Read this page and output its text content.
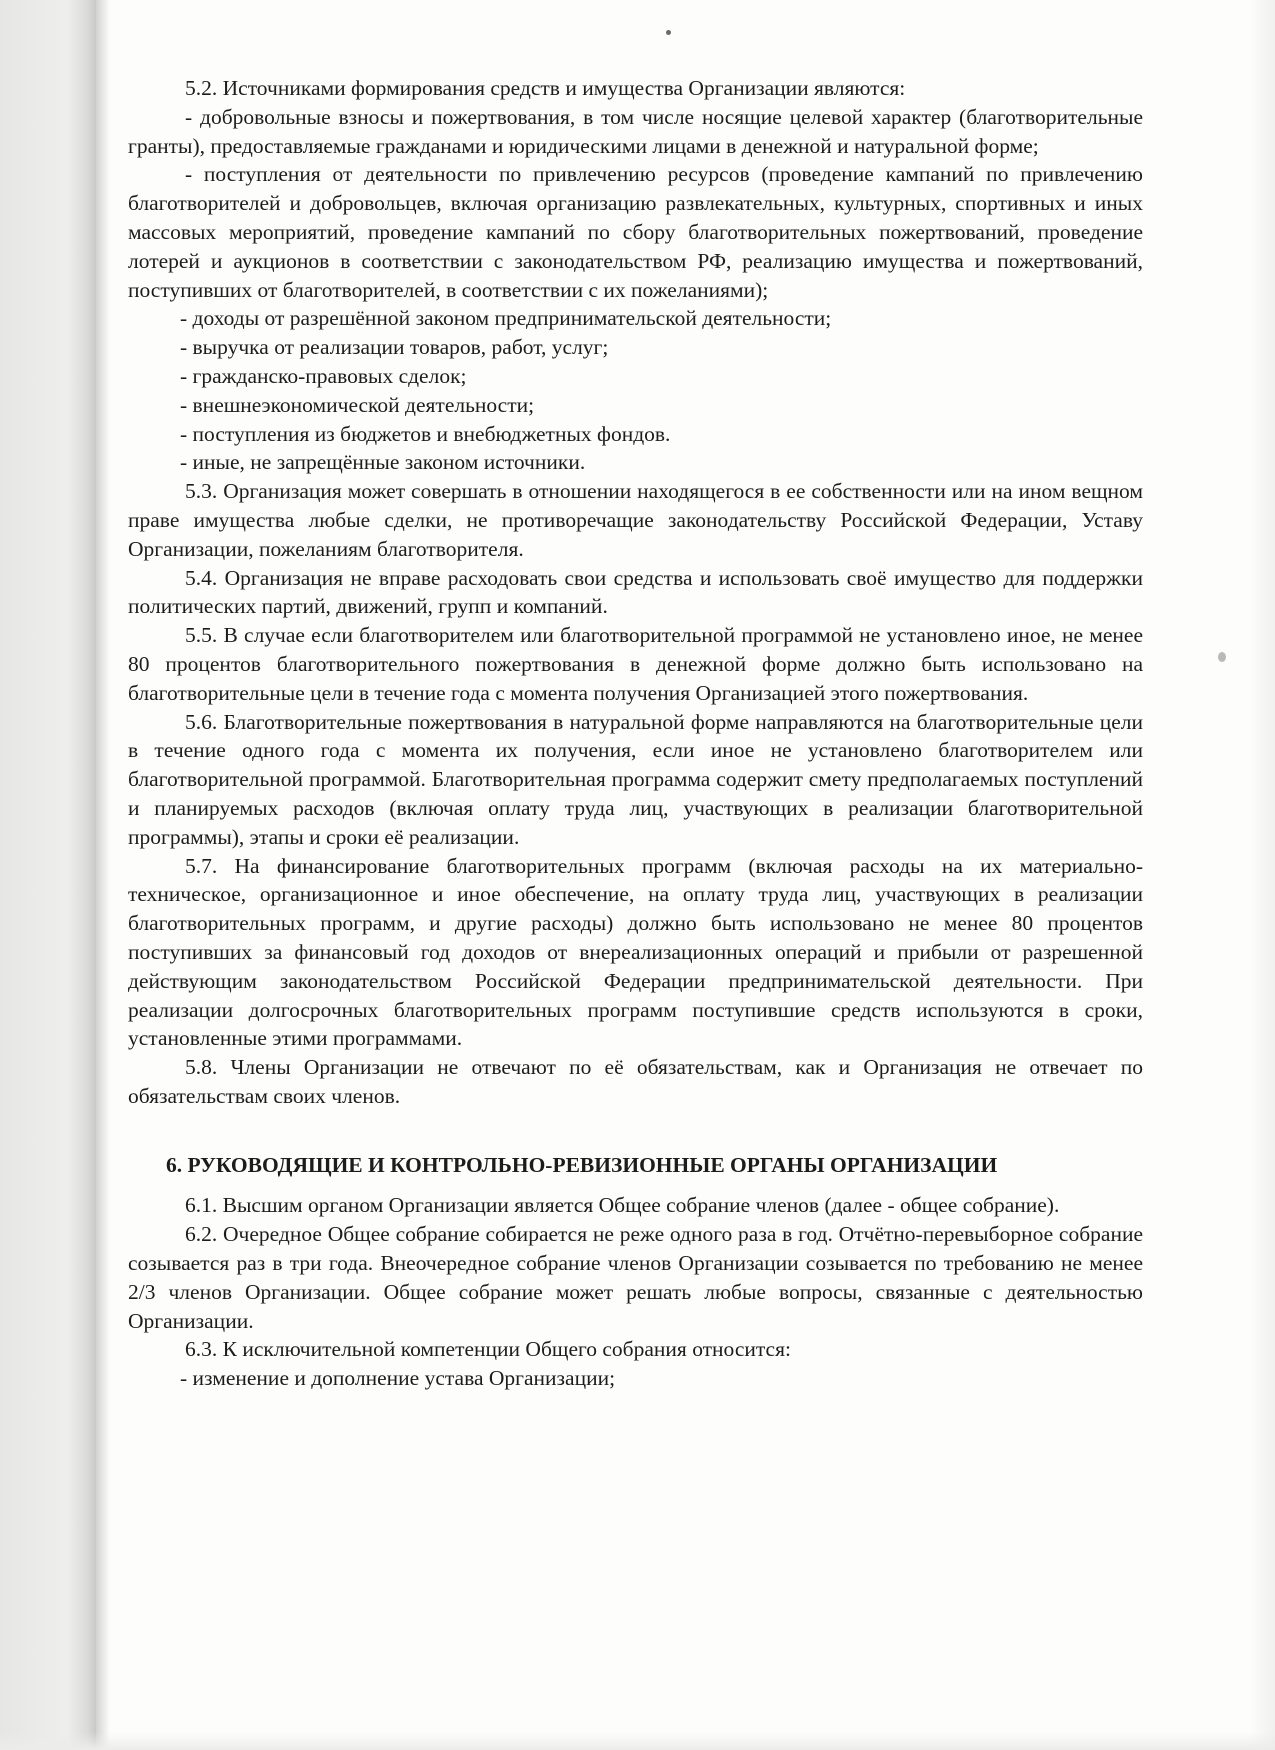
5.2. Источниками формирования средств и имущества Организации являются:

- добровольные взносы и пожертвования, в том числе носящие целевой характер (благотворительные гранты), предоставляемые гражданами и юридическими лицами в денежной и натуральной форме;

- поступления от деятельности по привлечению ресурсов (проведение кампаний по привлечению благотворителей и добровольцев, включая организацию развлекательных, культурных, спортивных и иных массовых мероприятий, проведение кампаний по сбору благотворительных пожертвований, проведение лотерей и аукционов в соответствии с законодательством РФ, реализацию имущества и пожертвований, поступивших от благотворителей, в соответствии с их пожеланиями);

- доходы от разрешённой законом предпринимательской деятельности;

- выручка от реализации товаров, работ, услуг;

- гражданско-правовых сделок;

- внешнеэкономической деятельности;

- поступления из бюджетов и внебюджетных фондов.

- иные, не запрещённые законом источники.

5.3. Организация может совершать в отношении находящегося в ее собственности или на ином вещном праве имущества любые сделки, не противоречащие законодательству Российской Федерации, Уставу Организации, пожеланиям благотворителя.

5.4. Организация не вправе расходовать свои средства и использовать своё имущество для поддержки политических партий, движений, групп и компаний.

5.5. В случае если благотворителем или благотворительной программой не установлено иное, не менее 80 процентов благотворительного пожертвования в денежной форме должно быть использовано на благотворительные цели в течение года с момента получения Организацией этого пожертвования.

5.6. Благотворительные пожертвования в натуральной форме направляются на благотворительные цели в течение одного года с момента их получения, если иное не установлено благотворителем или благотворительной программой. Благотворительная программа содержит смету предполагаемых поступлений и планируемых расходов (включая оплату труда лиц, участвующих в реализации благотворительной программы), этапы и сроки её реализации.

5.7. На финансирование благотворительных программ (включая расходы на их материально-техническое, организационное и иное обеспечение, на оплату труда лиц, участвующих в реализации благотворительных программ, и другие расходы) должно быть использовано не менее 80 процентов поступивших за финансовый год доходов от внереализационных операций и прибыли от разрешенной действующим законодательством Российской Федерации предпринимательской деятельности. При реализации долгосрочных благотворительных программ поступившие средств используются в сроки, установленные этими программами.

5.8. Члены Организации не отвечают по её обязательствам, как и Организация не отвечает по обязательствам своих членов.

6. РУКОВОДЯЩИЕ И КОНТРОЛЬНО-РЕВИЗИОННЫЕ ОРГАНЫ ОРГАНИЗАЦИИ

6.1. Высшим органом Организации является Общее собрание членов (далее - общее собрание).

6.2. Очередное Общее собрание собирается не реже одного раза в год. Отчётно-перевыборное собрание созывается раз в три года. Внеочередное собрание членов Организации созывается по требованию не менее 2/3 членов Организации. Общее собрание может решать любые вопросы, связанные с деятельностью Организации.

6.3. К исключительной компетенции Общего собрания относится:

- изменение и дополнение устава Организации;
